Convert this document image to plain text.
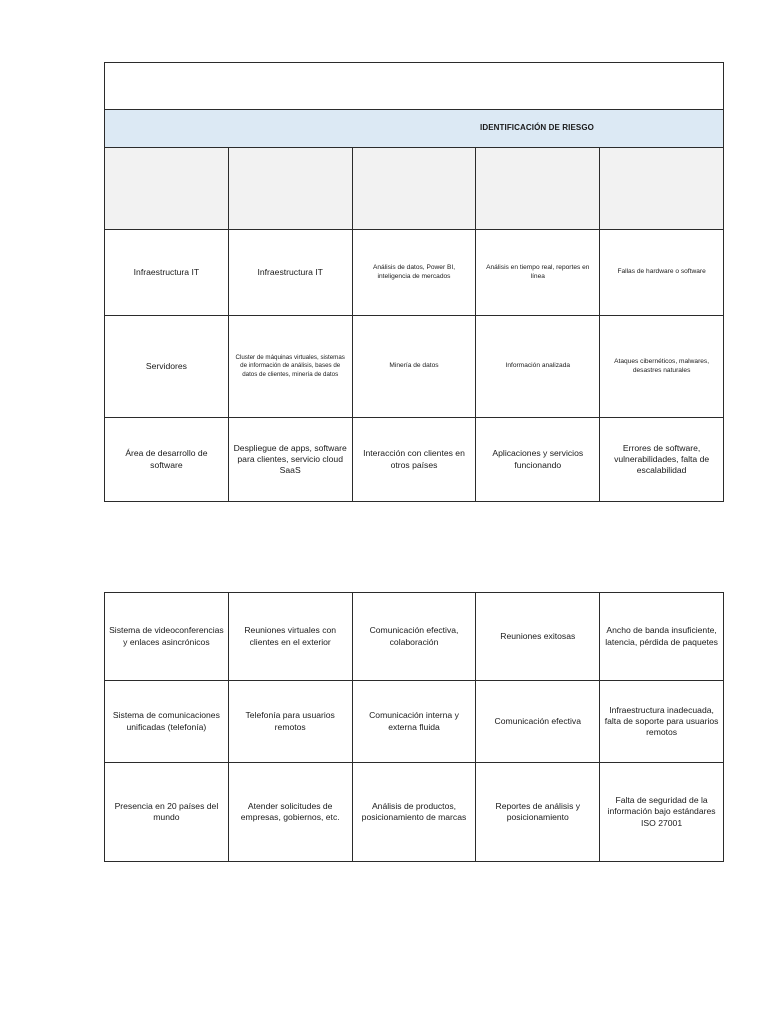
IDENTIFICACIÓN DE RIESGO				

Infraestructura IT	Infraestructura IT	Análisis de datos, Power BI, inteligencia de mercados	Análisis en tiempo real, reportes en línea	Fallas de hardware o software
Servidores	Cluster de máquinas virtuales, sistemas de información de análisis, bases de datos de clientes, minería de datos	Minería de datos	Información analizada	Ataques cibernéticos, malwares, desastres naturales
Área de desarrollo de software	Despliegue de apps, software para clientes, servicio cloud SaaS	Interacción con clientes en otros países	Aplicaciones y servicios funcionando	Errores de software, vulnerabilidades, falta de escalabilidad
Sistema de videoconferencias y enlaces asincrónicos	Reuniones virtuales con clientes en el exterior	Comunicación efectiva, colaboración	Reuniones exitosas	Ancho de banda insuficiente, latencia, pérdida de paquetes
Sistema de comunicaciones unificadas (telefonía)	Telefonía para usuarios remotos	Comunicación interna y externa fluida	Comunicación efectiva	Infraestructura inadecuada, falta de soporte para usuarios remotos
Presencia en 20 países del mundo	Atender solicitudes de empresas, gobiernos, etc.	Análisis de productos, posicionamiento de marcas	Reportes de análisis y posicionamiento	Falta de seguridad de la información bajo estándares ISO 27001
